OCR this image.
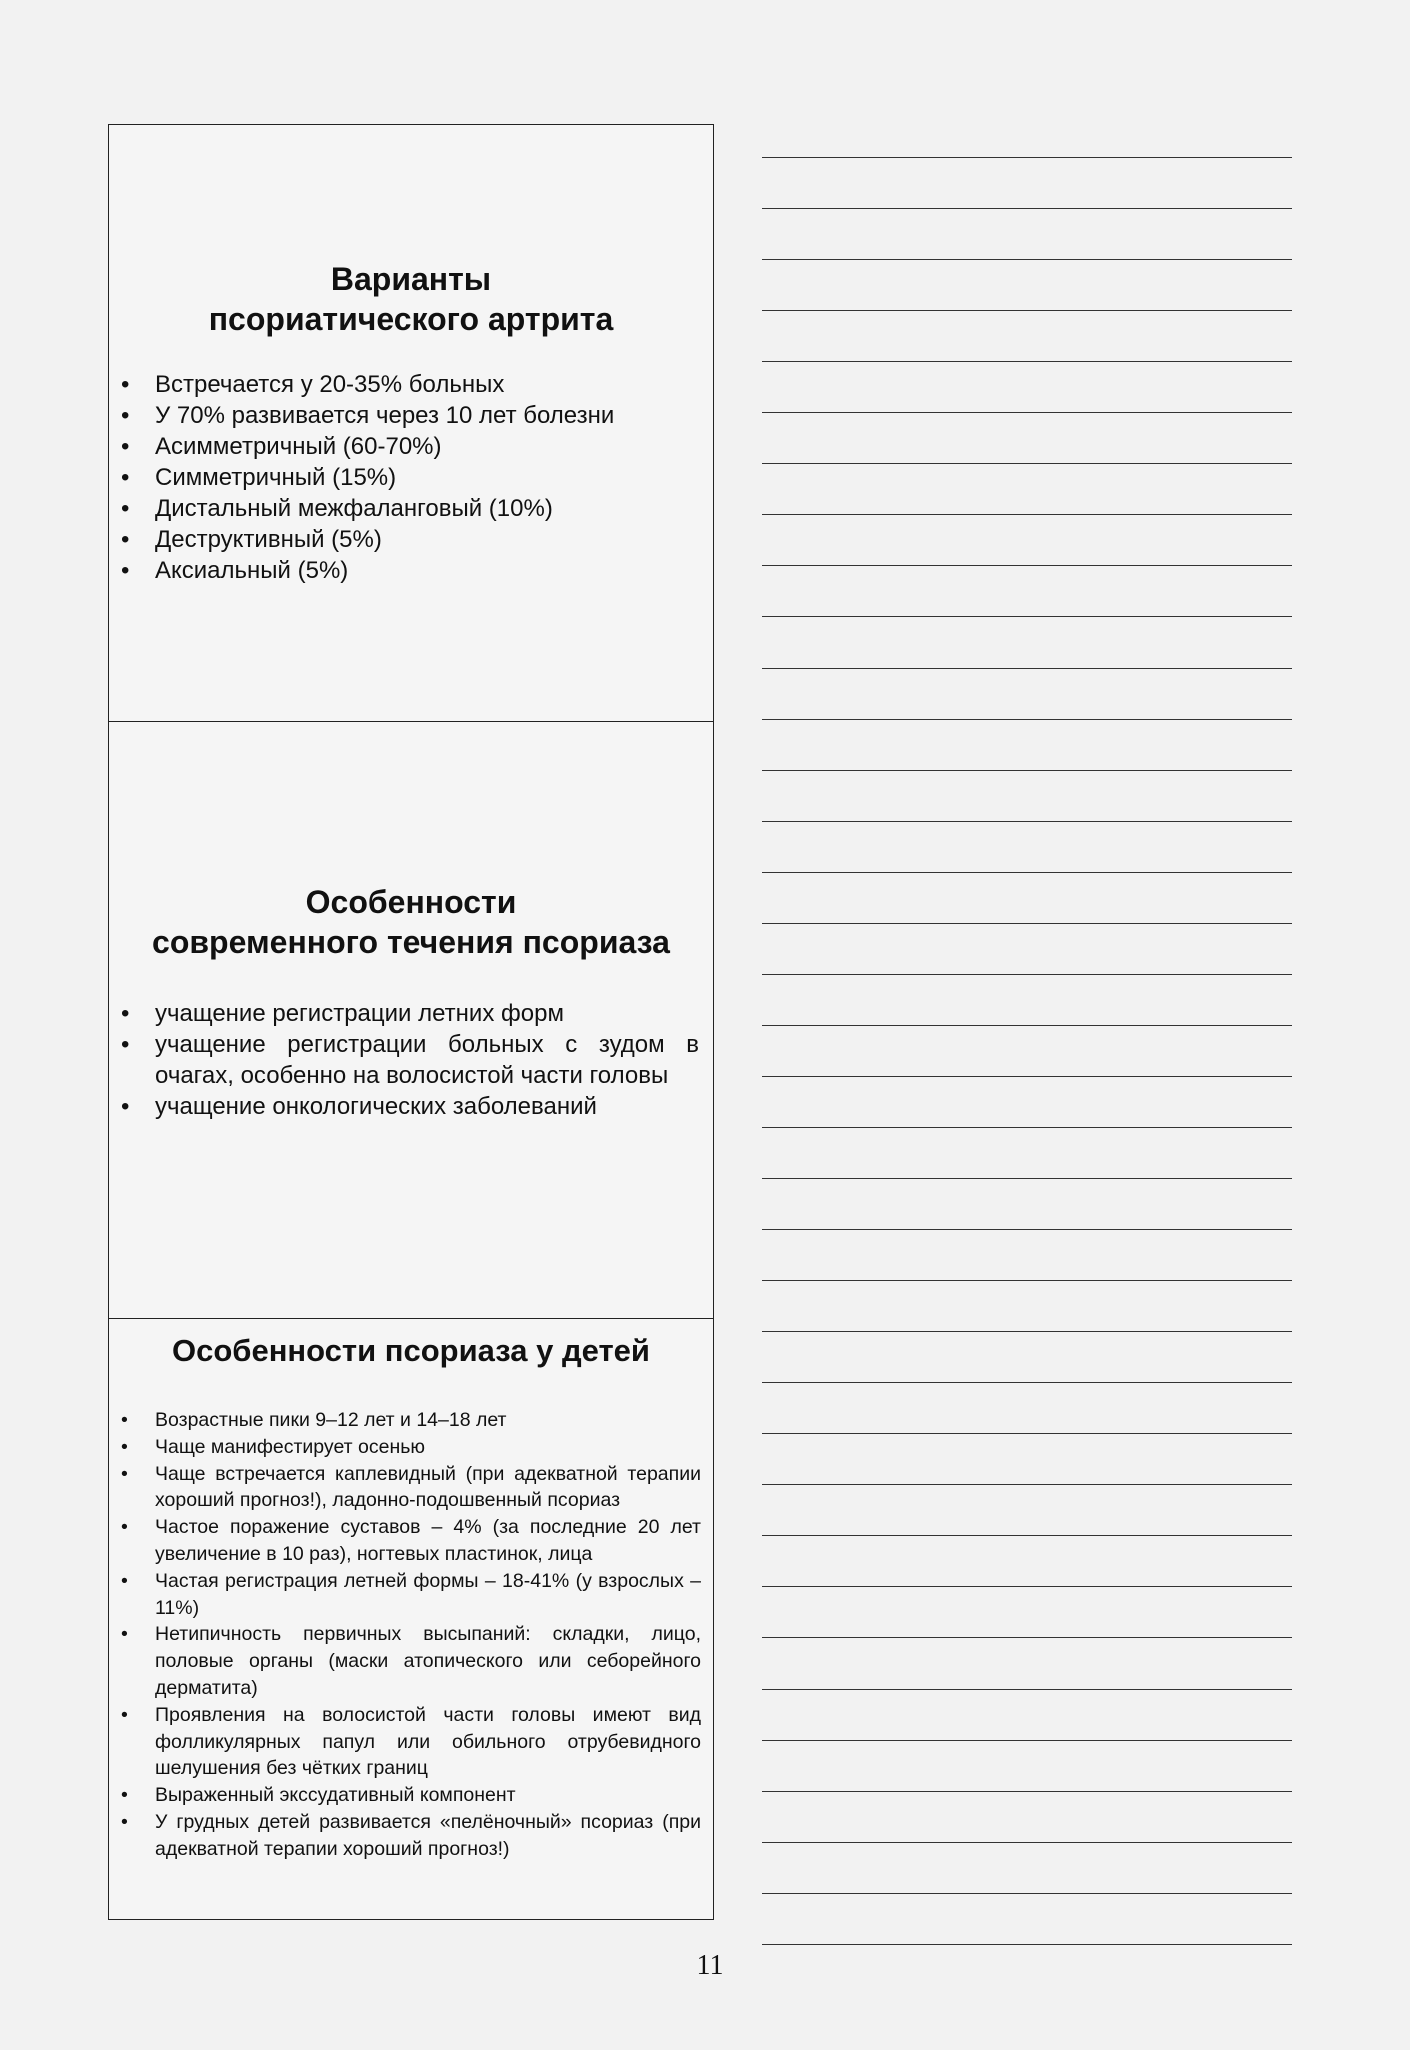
Варианты
псориатического артрита
• Встречается у 20-35% больных
• У 70% развивается через 10 лет болезни
• Асимметричный (60-70%)
• Симметричный (15%)
• Дистальный межфаланговый (10%)
• Деструктивный (5%)
• Аксиальный (5%)
Особенности
современного течения псориаза
• учащение регистрации летних форм
• учащение регистрации больных с зудом в очагах, особенно на волосистой части головы
• учащение онкологических заболеваний
Особенности псориаза у детей
• Возрастные пики 9–12 лет и 14–18 лет
• Чаще манифестирует осенью
• Чаще встречается каплевидный (при адекватной терапии хороший прогноз!), ладонно-подошвенный псориаз
• Частое поражение суставов – 4% (за последние 20 лет увеличение в 10 раз), ногтевых пластинок, лица
• Частая регистрация летней формы – 18-41% (у взрослых – 11%)
• Нетипичность первичных высыпаний: складки, лицо, половые органы (маски атопического или себорейного дерматита)
• Проявления на волосистой части головы имеют вид фолликулярных папул или обильного отрубевидного шелушения без чётких границ
• Выраженный экссудативный компонент
• У грудных детей развивается «пелёночный» псориаз (при адекватной терапии хороший прогноз!)
11
